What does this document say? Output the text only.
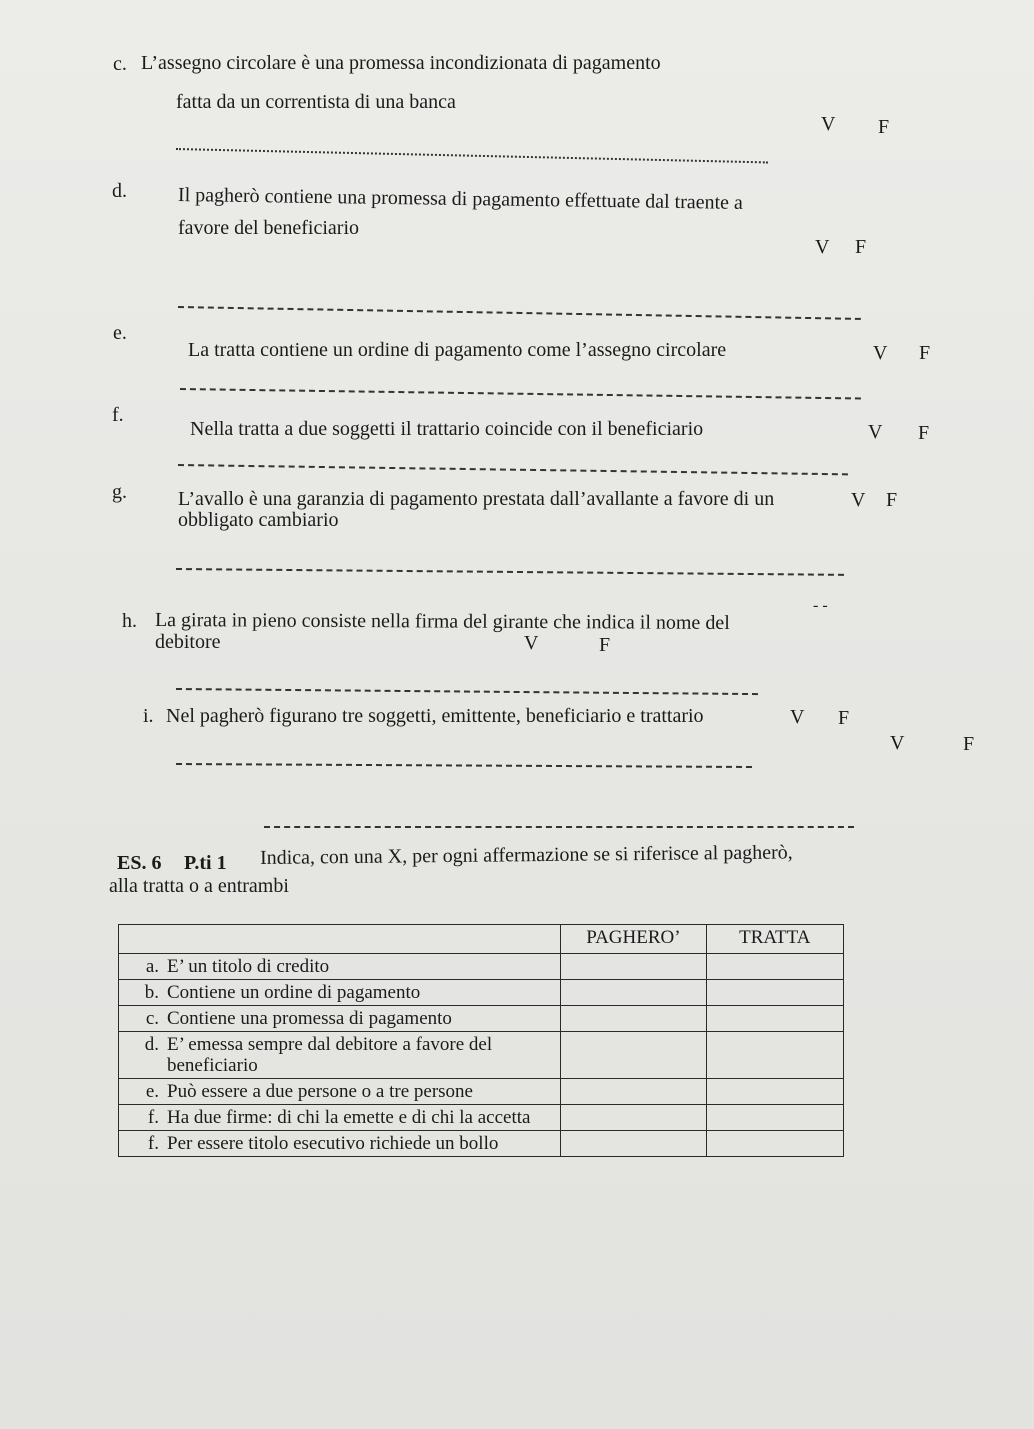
c. L’assegno circolare è una promessa incondizionata di pagamento
fatta da un correntista di una banca
V F
d.	Il pagherò contiene una promessa di pagamento effettuate dal traente a
favore del beneficiario
V F
e.
La tratta contiene un ordine di pagamento come l’assegno circolare	V F
f.
Nella tratta a due soggetti il trattario coincide con il beneficiario	V F
g.	L’avallo è una garanzia di pagamento prestata dall’avallante a favore di un
obbligato cambiario
V F
h. La girata in pieno consiste nella firma del girante che indica il nome del
debitore	V	F
- -
i. Nel pagherò figurano tre soggetti, emittente, beneficiario e trattario	V F
V	F
ES. 6 P.ti 1 Indica, con una X, per ogni affermazione se si riferisce al pagherò,
alla tratta o a entrambi
	PAGHERO’	TRATTA
a. E’ un titolo di credito		
b. Contiene un ordine di pagamento		
c. Contiene una promessa di pagamento		
d. E’ emessa sempre dal debitore a favore del beneficiario		
e. Può essere a due persone o a tre persone		
f. Ha due firme: di chi la emette e di chi la accetta		
f. Per essere titolo esecutivo richiede un bollo		
